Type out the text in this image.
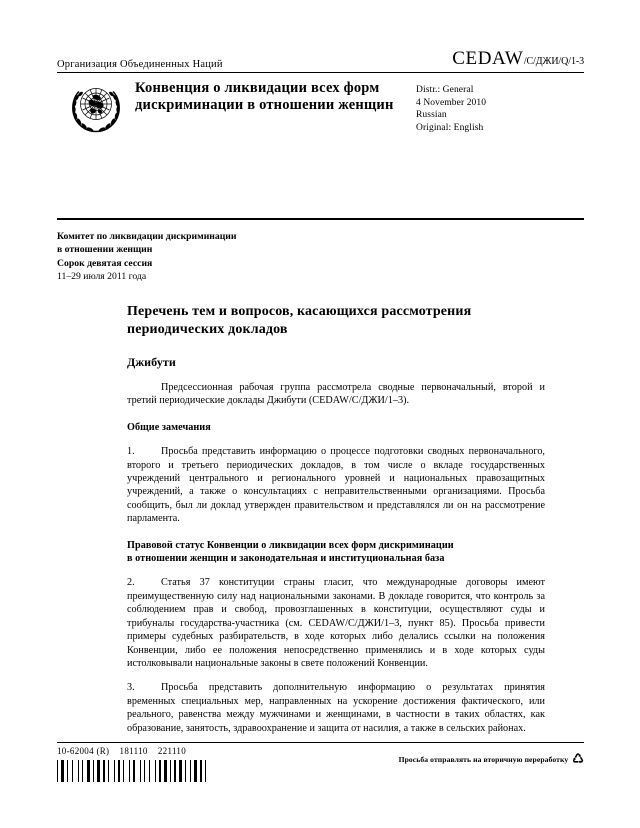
Организация Объединенных Наций	CEDAW /C/ДЖИ/Q/1-3
Конвенция о ликвидации всех форм дискриминации в отношении женщин
Distr.: General
4 November 2010
Russian
Original: English
Комитет по ликвидации дискриминации
в отношении женщин
Сорок девятая сессия
11–29 июля 2011 года
Перечень тем и вопросов, касающихся рассмотрения периодических докладов
Джибути

Предсессионная рабочая группа рассмотрела сводные первоначальный, второй и третий периодические доклады Джибути (CEDAW/C/ДЖИ/1–3).

Общие замечания

1.	Просьба представить информацию о процессе подготовки сводных первоначального, второго и третьего периодических докладов, в том числе о вкладе государственных учреждений центрального и регионального уровней и национальных правозащитных учреждений, а также о консультациях с неправительственными организациями. Просьба сообщить, был ли доклад утвержден правительством и представлялся ли он на рассмотрение парламента.

Правовой статус Конвенции о ликвидации всех форм дискриминации
в отношении женщин и законодательная и институциональная база

2.	Статья 37 конституции страны гласит, что международные договоры имеют преимущественную силу над национальными законами. В докладе говорится, что контроль за соблюдением прав и свобод, провозглашенных в конституции, осуществляют суды и трибуналы государства-участника (см. CEDAW/C/ДЖИ/1–3, пункт 85). Просьба привести примеры судебных разбирательств, в ходе которых либо делались ссылки на положения Конвенции, либо ее положения непосредственно применялись и в ходе которых суды истолковывали национальные законы в свете положений Конвенции.

3.	Просьба представить дополнительную информацию о результатах принятия временных специальных мер, направленных на ускорение достижения фактического, или реального, равенства между мужчинами и женщинами, в частности в таких областях, как образование, занятость, здравоохранение и защита от насилия, а также в сельских районах.

10-62004 (R)    181110    221110
Просьба отправлять на вторичную переработку ♺
